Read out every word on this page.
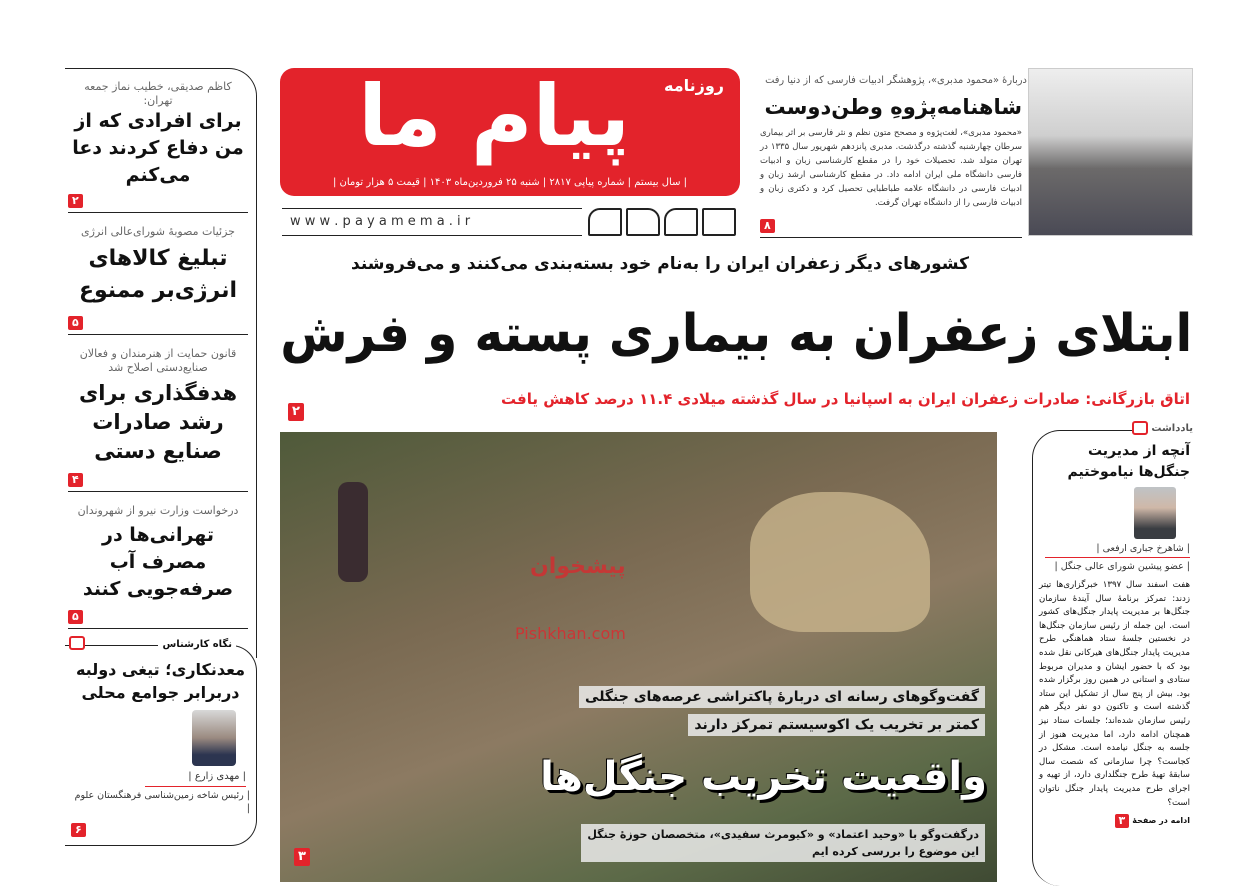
کاظم صدیقی، خطیب نماز جمعه تهران:
برای افرادی که از من دفاع کردند دعا می‌کنم
۲
جزئیات مصوبهٔ شورای‌عالی انرژی
تبلیغ کالاهای انرژی‌بر ممنوع
۵
قانون حمایت از هنرمندان و فعالان صنایع‌دستی اصلاح شد
هدفگذاری برای رشد صادرات صنایع دستی
۴
درخواست وزارت نیرو از شهروندان
تهرانی‌ها در مصرف آب صرفه‌جویی کنند
۵
نگاه کارشناس
معدنکاری؛ تیغی دولبه دربرابر جوامع محلی
| مهدی زارع |
| رئیس شاخه زمین‌شناسی فرهنگستان علوم |
۶
پیام ما روزنامه
| سال بیستم | شماره پیاپی ۲۸۱۷ | شنبه ۲۵ فروردین‌ماه ۱۴۰۳ | قیمت ۵ هزار تومان |
w w w . p a y a m e m a . i r
دربارهٔ «محمود مدبری»، پژوهشگر ادبیات فارسی که از دنیا رفت
شاهنامه‌پژوهِ وطن‌دوست
«محمود مدبری»، لغت‌پژوه و مصحح متون نظم و نثر فارسی بر اثر بیماری سرطان چهارشنبه گذشته درگذشت. مدبری پانزدهم شهریور سال ۱۳۳۵ در تهران متولد شد. تحصیلات خود را در مقطع کارشناسی زبان و ادبیات فارسی دانشگاه ملی ایران ادامه داد. در مقطع کارشناسی ارشد زبان و ادبیات فارسی در دانشگاه علامه طباطبایی تحصیل کرد و دکتری زبان و ادبیات فارسی را از دانشگاه تهران گرفت.
۸
کشورهای دیگر زعفران ایران را به‌نام خود بسته‌بندی می‌کنند و می‌فروشند
ابتلای زعفران به بیماری پسته و فرش
اتاق بازرگانی: صادرات زعفران ایران به اسپانیا در سال گذشته میلادی ۱۱.۴ درصد کاهش یافت
۲
پیشخوان
Pishkhan.com
گفت‌وگوهای رسانه ای دربارهٔ پاکتراشی عرصه‌های جنگلی
کمتر بر تخریب یک اکوسیستم تمرکز دارند
واقعیت تخریب جنگل‌ها
درگفت‌وگو با «وحید اعتماد» و «کیومرث سفیدی»، متخصصان حوزهٔ جنگل
این موضوع را بررسی کرده ایم
۳
یادداشت
آنچه از مدیریت جنگل‌ها نیاموختیم
| شاهرخ جباری ارفعی |
| عضو پیشین شورای عالی جنگل |
هفت اسفند سال ۱۳۹۷ خبرگزاری‌ها تیتر زدند: تمرکز برنامهٔ سال آیندهٔ سازمان جنگل‌ها بر مدیریت پایدار جنگل‌های کشور است. این جمله از رئیس سازمان جنگل‌ها در نخستین جلسهٔ ستاد هماهنگی طرح مدیریت پایدار جنگل‌های هیرکانی نقل شده بود که با حضور ایشان و مدیران مربوط ستادی و استانی در همین روز برگزار شده بود. بیش از پنج سال از تشکیل این ستاد گذشته است و تاکنون دو نفر دیگر هم رئیس سازمان شده‌اند؛ جلسات ستاد نیز همچنان ادامه دارد، اما مدیریت هنوز از جلسه به جنگل نیامده است. مشکل در کجاست؟ چرا سازمانی که شصت سال سابقهٔ تهیهٔ طرح جنگلداری دارد، از تهیه و اجرای طرح مدیریت پایدار جنگل ناتوان است؟
ادامه در صفحهٔ
۳
